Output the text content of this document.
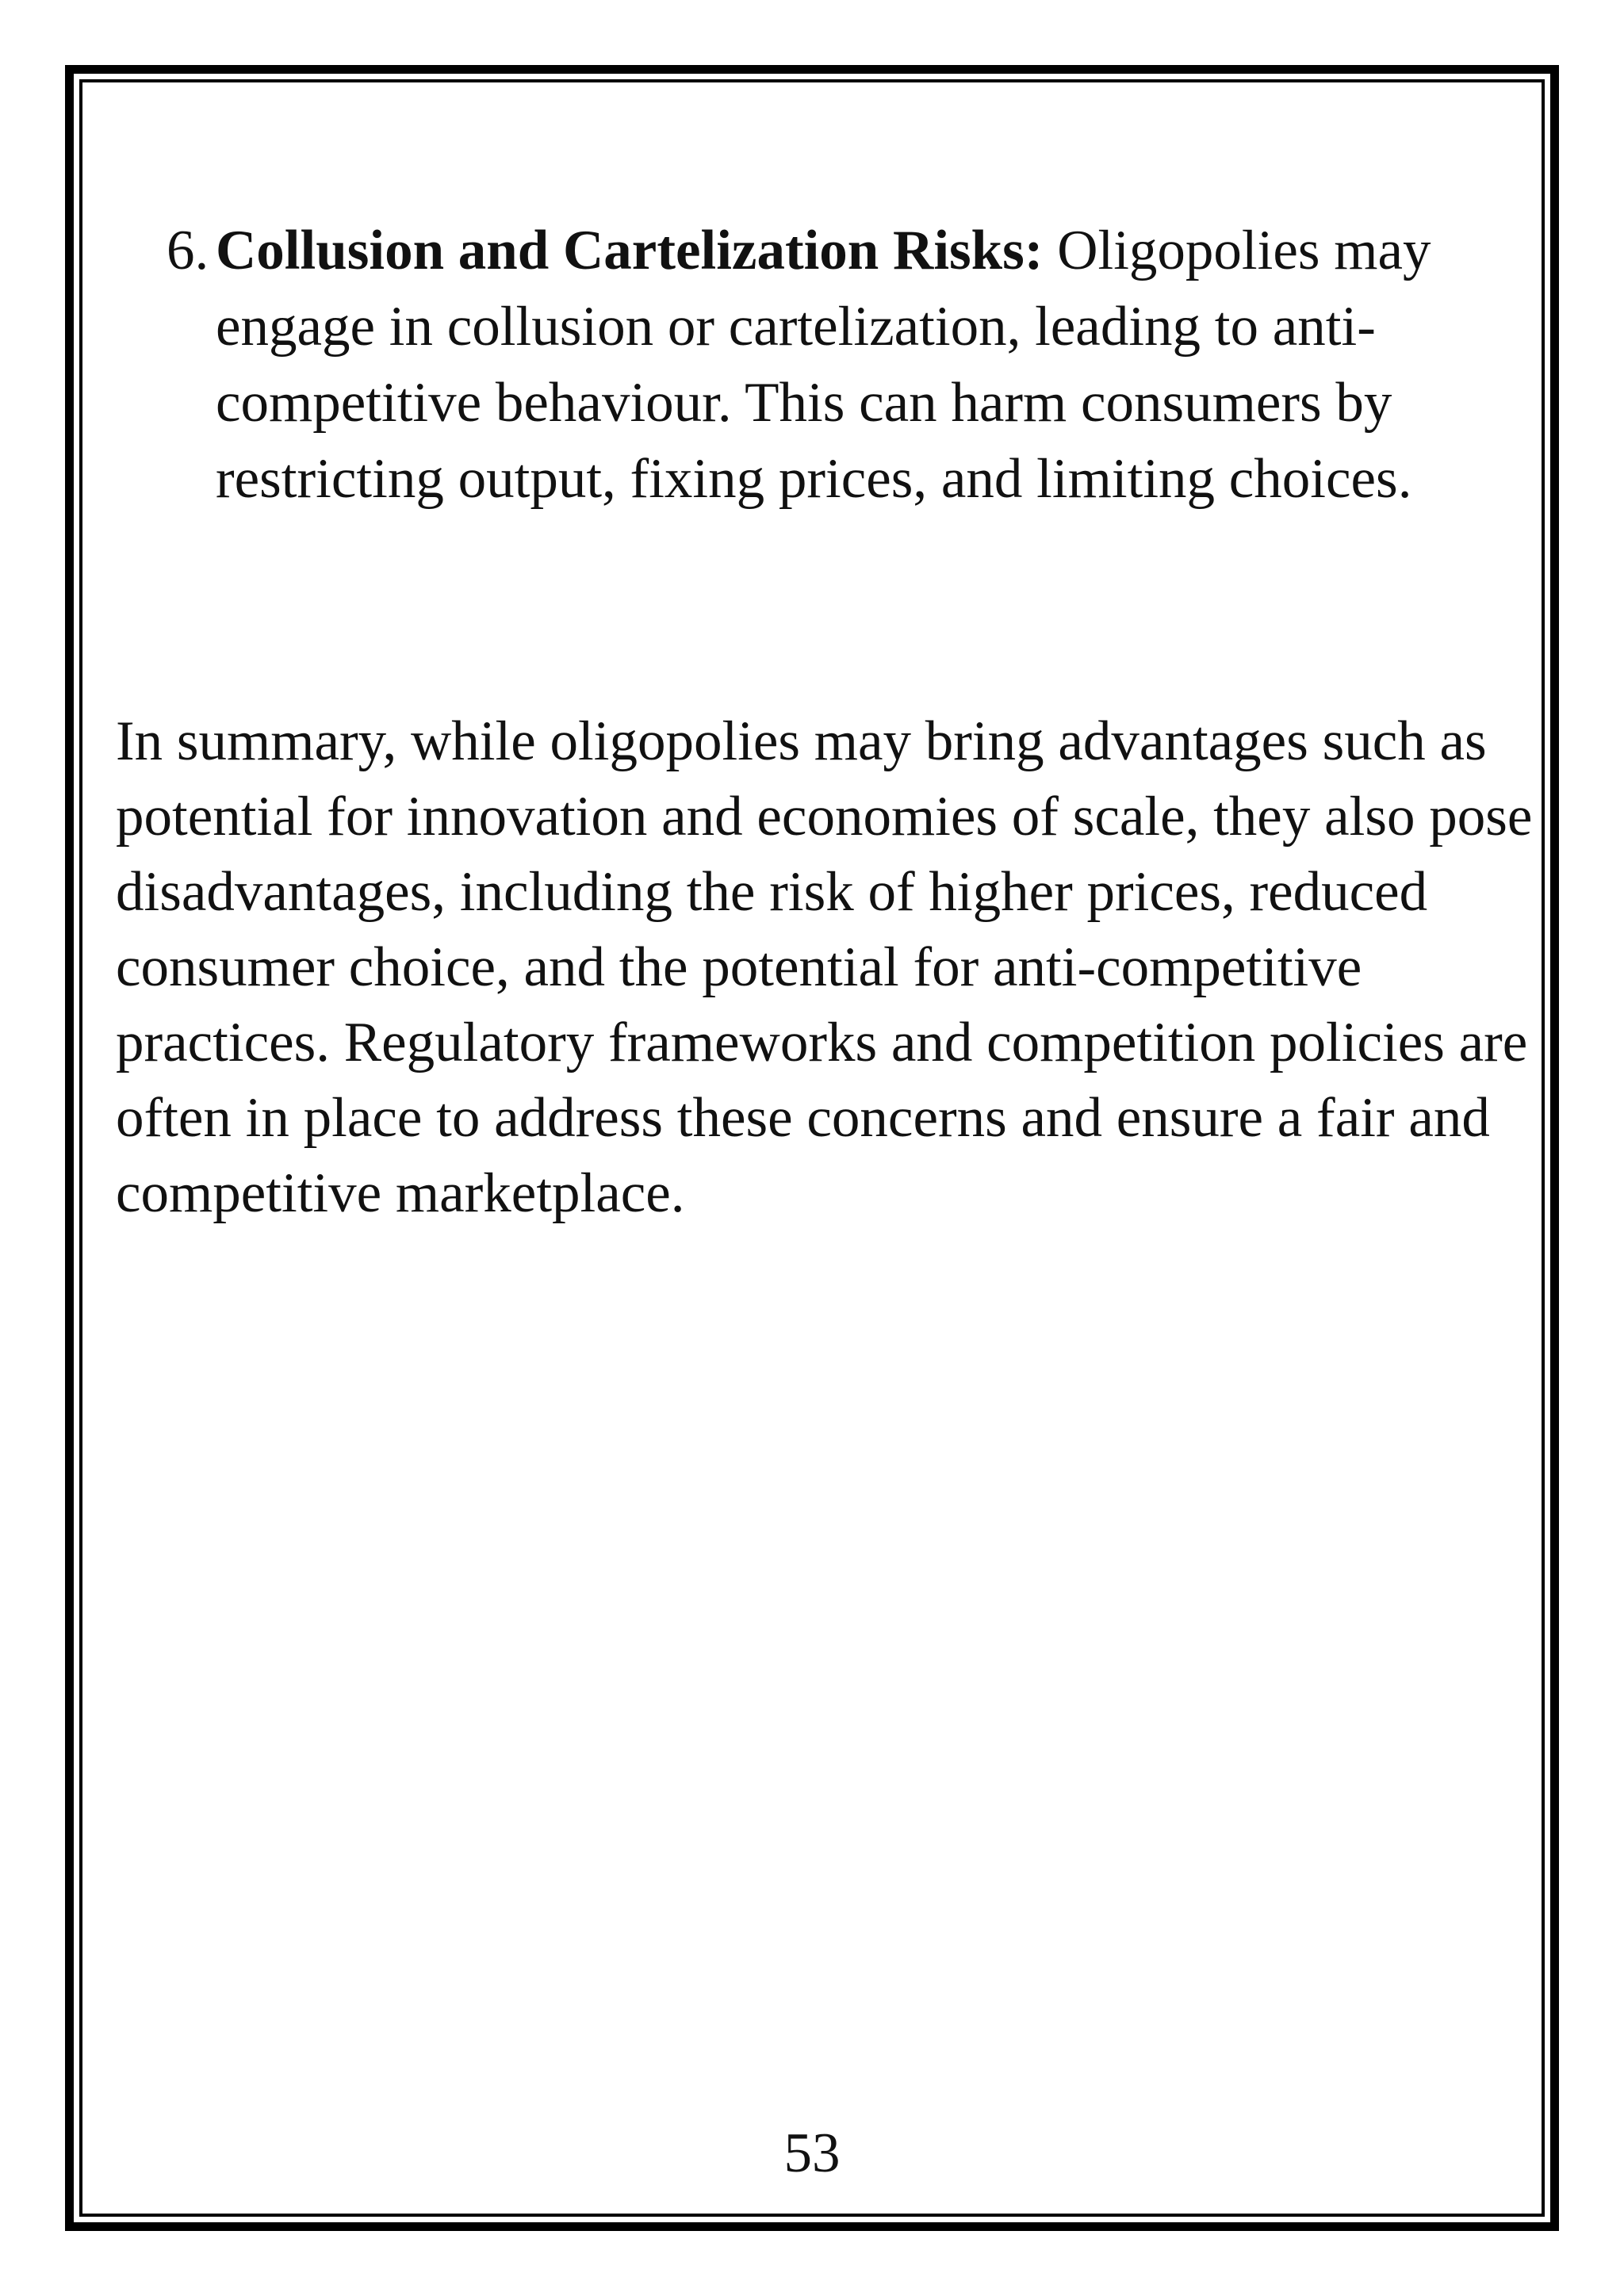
6. Collusion and Cartelization Risks: Oligopolies may engage in collusion or cartelization, leading to anti-competitive behaviour. This can harm consumers by restricting output, fixing prices, and limiting choices.

In summary, while oligopolies may bring advantages such as potential for innovation and economies of scale, they also pose disadvantages, including the risk of higher prices, reduced consumer choice, and the potential for anti-competitive practices. Regulatory frameworks and competition policies are often in place to address these concerns and ensure a fair and competitive marketplace.

53
